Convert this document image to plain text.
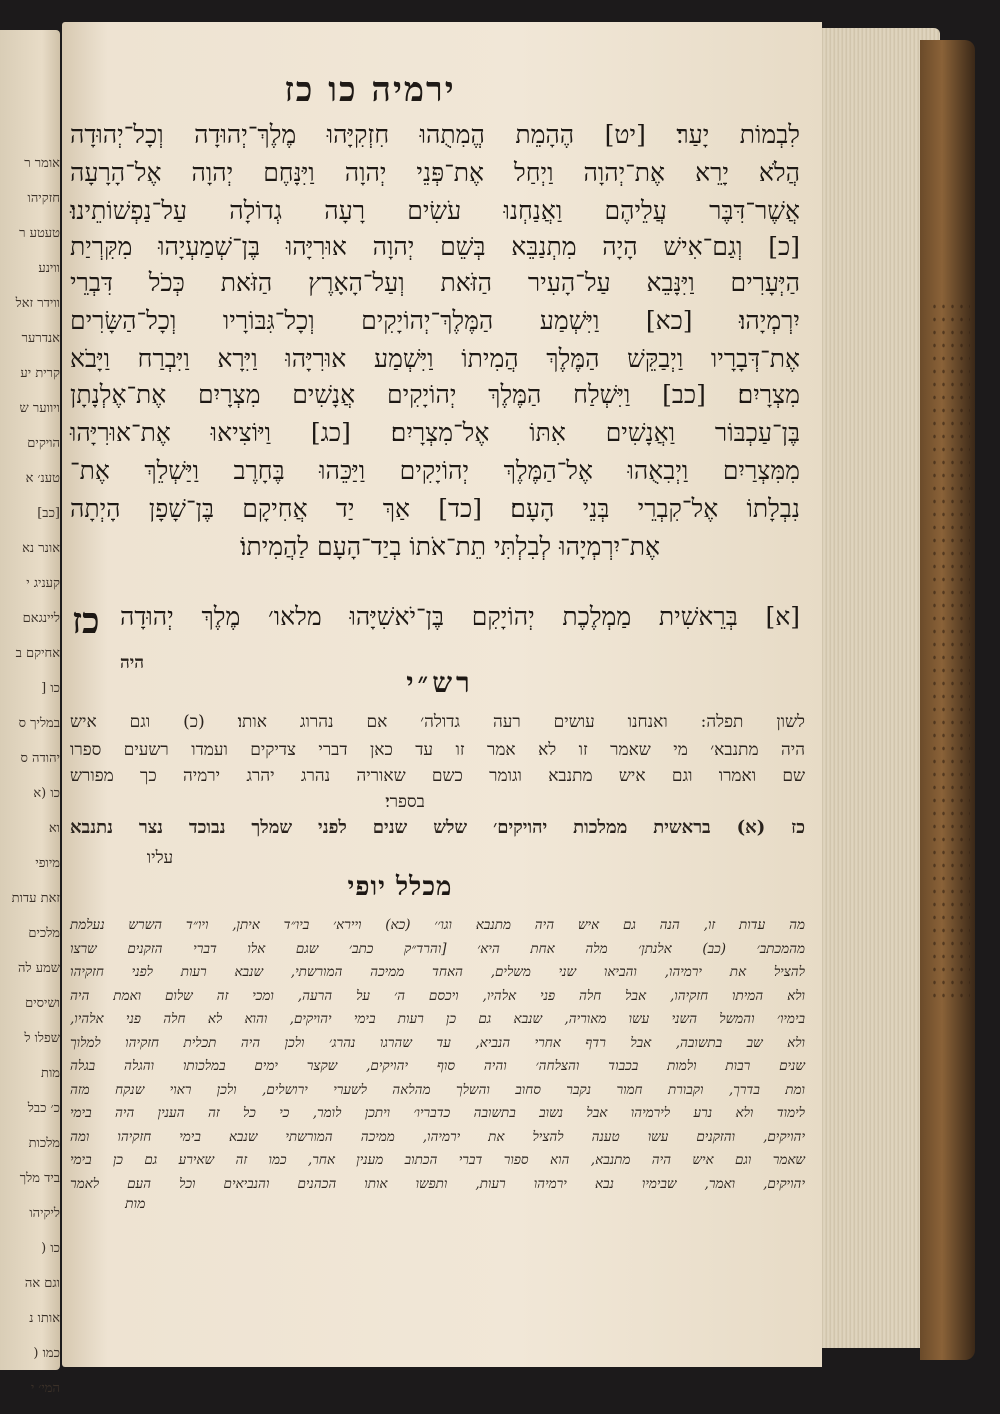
אומר ר
חזקיהו
טעטע ר
ווינע
ווידר זאל
אנדרער
קרית יע
ויווער ש
הויקים
טענ׳ א
[כב]
אונר נא
קעניג י
ליינגאם
אחיקם ב
כו [
במליך ס
יהודה ס
כו (א
וא
מיופי
זאת עדות
מלכים
שמע לה
ושיסים
שפלו ל
מות
כ׳ כבל
מלכות
ביד מלך
ליקיהו
כו (
וגם אה
אותו נ
כמו (
המי׳ י
ירמיה כו כז
לִבְמוֹת יָעַר׃ [יט] הֶהָמֵת הֱמִתֻהוּ חִזְקִיָּהוּ מֶלֶךְ־יְהוּדָה וְכָל־יְהוּדָה
הֲלֹא יָרֵא אֶת־יְהוָה וַיְחַל אֶת־פְּנֵי יְהוָה וַיִּנָּחֶם יְהוָה אֶל־הָרָעָה
אֲשֶׁר־דִּבֶּר עֲלֵיהֶם וַאֲנַחְנוּ עֹשִׂים רָעָה גְדוֹלָה עַל־נַפְשׁוֹתֵינוּ׃
[כ] וְגַם־אִישׁ הָיָה מִתְנַבֵּא בְּשֵׁם יְהוָה אוּרִיָּהוּ בֶּן־שְׁמַעְיָהוּ מִקִּרְיַת
הַיְּעָרִים וַיִּנָּבֵא עַל־הָעִיר הַזֹּאת וְעַל־הָאָרֶץ הַזֹּאת כְּכֹל דִּבְרֵי
יִרְמְיָהוּ׃ [כא] וַיִּשְׁמַע הַמֶּלֶךְ־יְהוֹיָקִים וְכָל־גִּבּוֹרָיו וְכָל־הַשָּׂרִים
אֶת־דְּבָרָיו וַיְבַקֵּשׁ הַמֶּלֶךְ הֲמִיתוֹ וַיִּשְׁמַע אוּרִיָּהוּ וַיִּרָא וַיִּבְרַח וַיָּבֹא
מִצְרָיִם׃ [כב] וַיִּשְׁלַח הַמֶּלֶךְ יְהוֹיָקִים אֲנָשִׁים מִצְרָיִם אֶת־אֶלְנָתָן
בֶּן־עַכְבּוֹר וַאֲנָשִׁים אִתּוֹ אֶל־מִצְרָיִם׃ [כג] וַיּוֹצִיאוּ אֶת־אוּרִיָּהוּ
מִמִּצְרַיִם וַיְבִאֻהוּ אֶל־הַמֶּלֶךְ יְהוֹיָקִים וַיַּכֵּהוּ בֶּחָרֶב וַיַּשְׁלֵךְ אֶת־
נִבְלָתוֹ אֶל־קִבְרֵי בְּנֵי הָעָם׃ [כד] אַךְ יַד אֲחִיקָם בֶּן־שָׁפָן הָיְתָה
אֶת־יִרְמְיָהוּ לְבִלְתִּי תֵת־אֹתוֹ בְיַד־הָעָם לַהֲמִיתוֹ׃
[א] בְּרֵאשִׁית מַמְלֶכֶת יְהוֹיָקִם בֶּן־יֹאשִׁיָּהוּ מלאו׳ מֶלֶךְ יְהוּדָה
כז
היה
רש״י
לשון תפלה: ואנחנו עושים רעה גדולה׳ אם נהרוג אותו׃ (כ) וגם איש
היה מתנבא׳ מי שאמר זו לא אמר זו עד כאן דברי צדיקים ועמדו רשעים ספרו
שם ואמרו וגם איש מתנבא וגומר כשם שאוריה נהרג יהרג ירמיה כך מפורש
בספרי׃
כז (א) בראשית ממלכות יהויקים׳ שלש שנים לפני שמלך נבוכד נצר נתנבא
עליו
מכלל יופי
מה עדות זו, הנה גם איש היה מתנבא וגו׳׳ (כא) ויירא׳ ביו״ד איתן, ויו״ד השרש נעלמת
מהמכתב׳ (כב) אלנתן׳ מלה אחת היא׳ [והרד״ק כתב׳ שגם אלו דברי הזקנים שרצו
להציל את ירמיהו, והביאו שני משלים, האחד ממיכה המורשתי, שנבא רעות לפני חזקיהו
ולא המיתו חזקיהו, אבל חלה פני אלהיו, ויכסם ה׳ על הרעה, ומכי זה שלום ואמת היה
בימיו׳ והמשל השני עשו מאוריה, שנבא גם כן רעות בימי יהויקים, והוא לא חלה פני אלהיו,
ולא שב בתשובה, אבל רדף אחרי הנביא, עד שהרגו נהרג׳ ולכן היה תכלית חזקיהו למלוך
שנים רבות ולמות בכבוד והצלחה׳ והיה סוף יהויקים, שקצר ימים במלכותו והגלה בגלה
ומת בדרך, וקבורת חמור נקבר סחוב והשלך מהלאה לשערי ירושלים, ולכן ראוי שנקח מזה
לימוד ולא נרע לירמיהו אבל נשוב בתשובה כדבריו׳ ויתכן לומר, כי כל זה הענין היה בימי
יהויקים, והזקנים עשו טענה להציל את ירמיהו, ממיכה המורשתי שנבא בימי חזקיהו ומה
שאמר וגם איש היה מתנבא, הוא ספור דברי הכתוב מענין אחר, כמו זה שאירע גם כן בימי
יהויקים, ואמר, שבימיו נבא ירמיהו רעות, ותפשו אותו הכהנים והנביאים וכל העם לאמר
מות
